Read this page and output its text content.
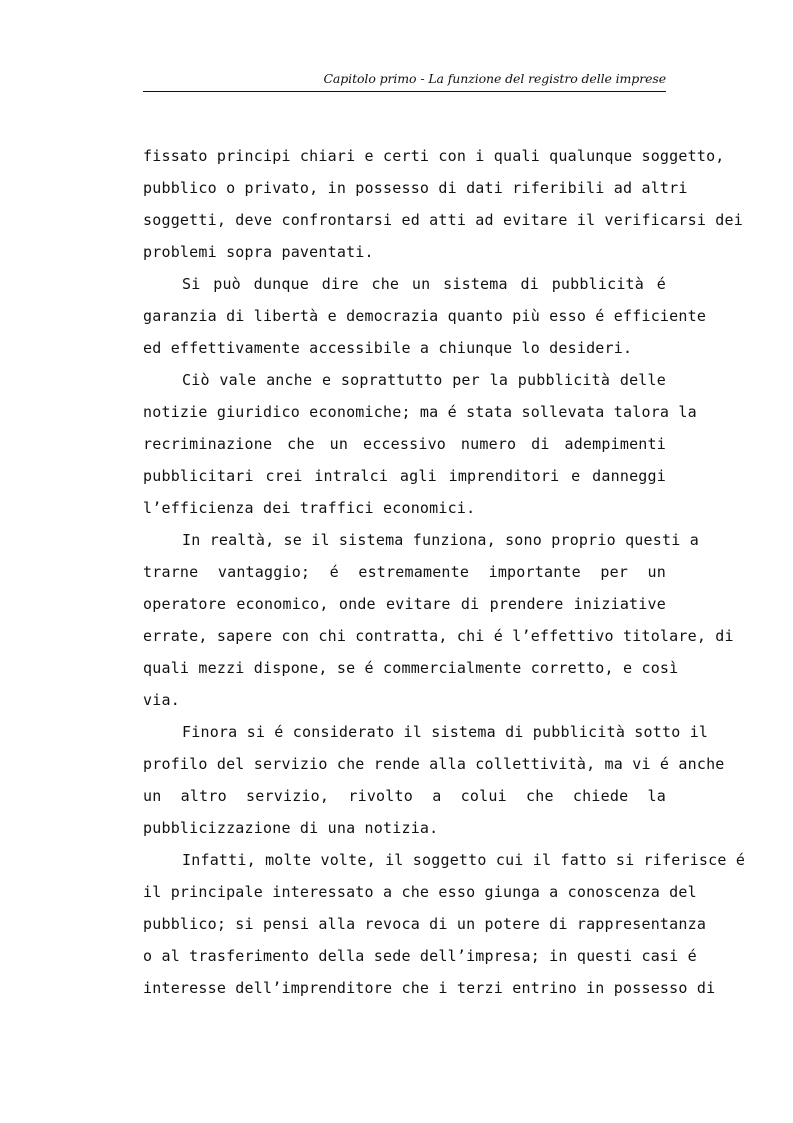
Capitolo primo - La funzione del registro delle imprese
fissato principi chiari e certi con i quali qualunque soggetto,
pubblico o privato, in possesso di dati riferibili ad altri
soggetti, deve confrontarsi ed atti ad evitare il verificarsi dei
problemi sopra paventati.
Si può dunque dire che un sistema di pubblicità é
garanzia di libertà e democrazia quanto più esso é efficiente
ed effettivamente accessibile a chiunque lo desideri.
Ciò vale anche e soprattutto per la pubblicità delle
notizie giuridico economiche; ma é stata sollevata talora la
recriminazione che un eccessivo numero di adempimenti
pubblicitari crei intralci agli imprenditori e danneggi
l’efficienza dei traffici economici.
In realtà, se il sistema funziona, sono proprio questi a
trarne vantaggio; é estremamente importante per un
operatore economico, onde evitare di prendere iniziative
errate, sapere con chi contratta, chi é l’effettivo titolare, di
quali mezzi dispone, se é commercialmente corretto, e così
via.
Finora si é considerato il sistema di pubblicità sotto il
profilo del servizio che rende alla collettività, ma vi é anche
un altro servizio, rivolto a colui che chiede la
pubblicizzazione di una notizia.
Infatti, molte volte, il soggetto cui il fatto si riferisce é
il principale interessato a che esso giunga a conoscenza del
pubblico; si pensi alla revoca di un potere di rappresentanza
o al trasferimento della sede dell’impresa; in questi casi é
interesse dell’imprenditore che i terzi entrino in possesso di
